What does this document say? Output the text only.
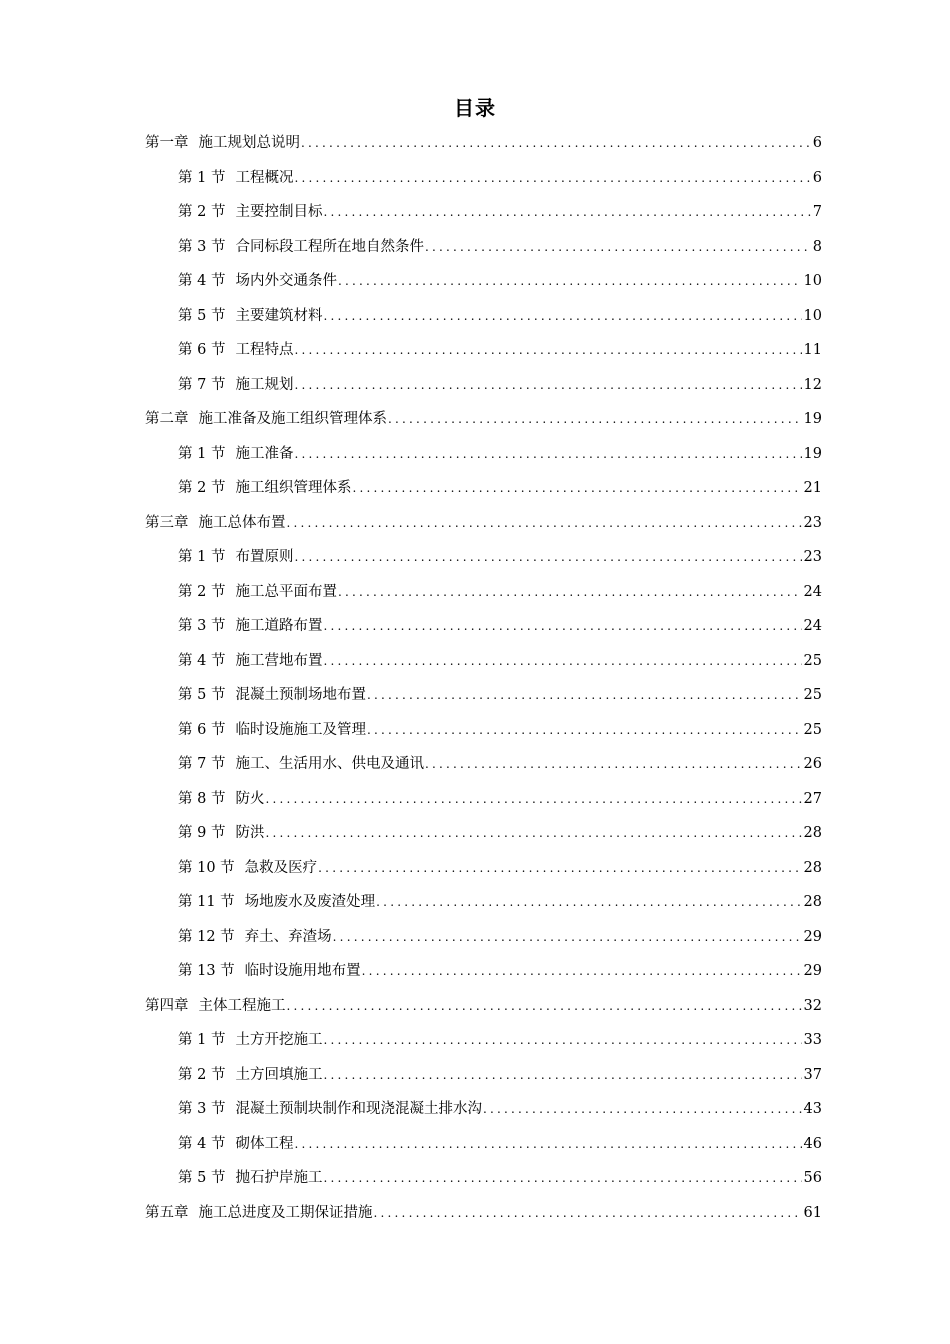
目录
第一章 施工规划总说明 .....	6
第 1 节 工程概况 .....	6
第 2 节 主要控制目标 .....	7
第 3 节 合同标段工程所在地自然条件 .....	8
第 4 节 场内外交通条件 .....	10
第 5 节 主要建筑材料 .....	10
第 6 节 工程特点 .....	11
第 7 节 施工规划 .....	12
第二章 施工准备及施工组织管理体系 .....	19
第 1 节 施工准备 .....	19
第 2 节 施工组织管理体系 .....	21
第三章 施工总体布置 .....	23
第 1 节 布置原则 .....	23
第 2 节 施工总平面布置 .....	24
第 3 节 施工道路布置 .....	24
第 4 节 施工营地布置 .....	25
第 5 节 混凝土预制场地布置 .....	25
第 6 节 临时设施施工及管理 .....	25
第 7 节 施工、生活用水、供电及通讯 .....	26
第 8 节 防火 .....	27
第 9 节 防洪 .....	28
第 10 节 急救及医疗 .....	28
第 11 节 场地废水及废渣处理 .....	28
第 12 节 弃土、弃渣场 .....	29
第 13 节 临时设施用地布置 .....	29
第四章 主体工程施工 .....	32
第 1 节 土方开挖施工 .....	33
第 2 节 土方回填施工 .....	37
第 3 节 混凝土预制块制作和现浇混凝土排水沟 .....	43
第 4 节 砌体工程 .....	46
第 5 节 抛石护岸施工 .....	56
第五章 施工总进度及工期保证措施 .....	61
